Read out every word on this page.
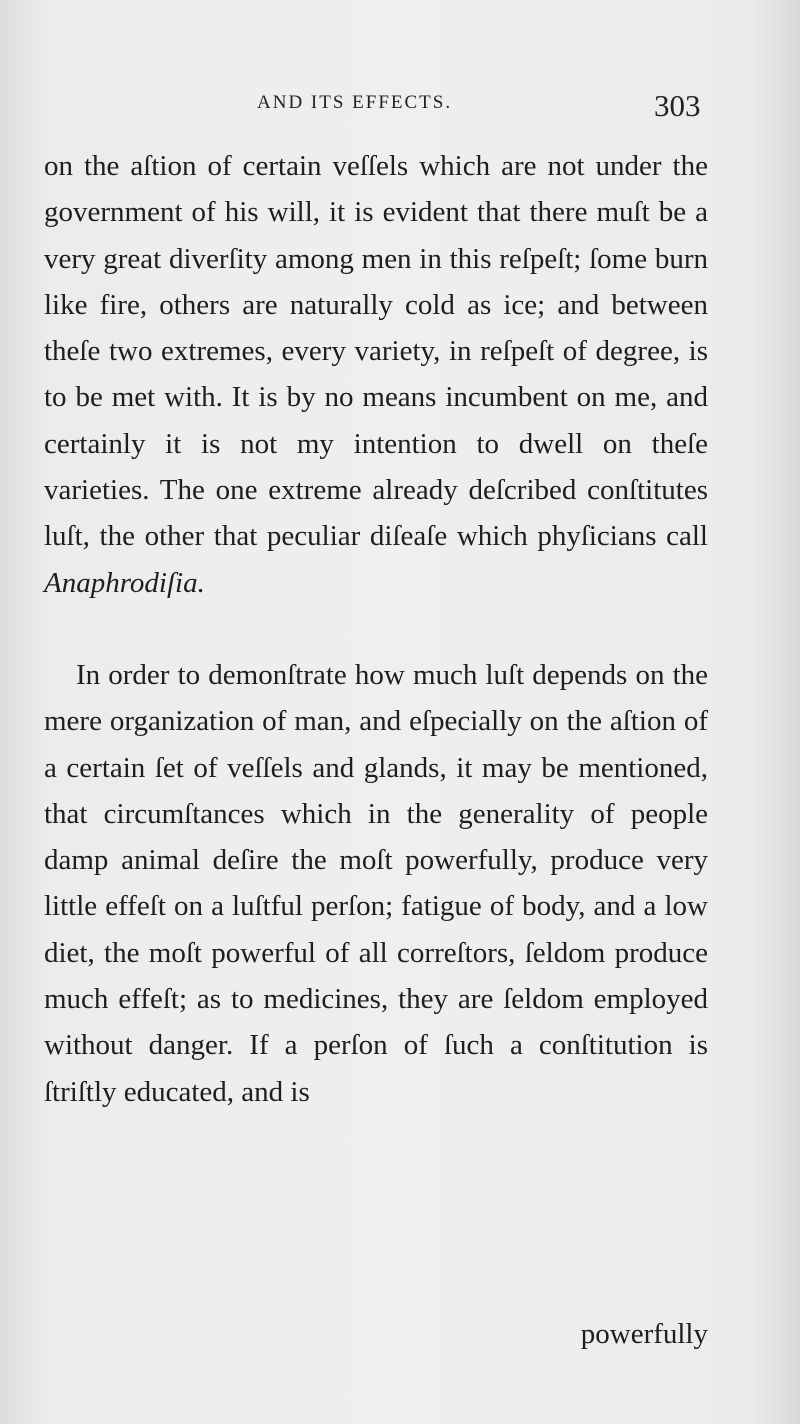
AND ITS EFFECTS.	303

on the aſtion of certain veſſels which are not under the government of his will, it is evident that there muſt be a very great diverſity among men in this reſpeſt; ſome burn like fire, others are naturally cold as ice; and between theſe two extremes, every variety, in reſpeſt of degree, is to be met with. It is by no means incumbent on me, and certainly it is not my intention to dwell on theſe varieties. The one extreme already deſcribed conſtitutes luſt, the other that peculiar diſeaſe which phyſicians call Anaphrodiſia.

In order to demonſtrate how much luſt depends on the mere organization of man, and eſpecially on the aſtion of a certain ſet of veſſels and glands, it may be mentioned, that circumſtances which in the generality of people damp animal deſire the moſt powerfully, produce very little effeſt on a luſtful perſon; fatigue of body, and a low diet, the moſt powerful of all correſtors, ſeldom produce much effeſt; as to medicines, they are ſeldom employed without danger. If a perſon of ſuch a conſtitution is ſtriſtly educated, and is

powerfully
